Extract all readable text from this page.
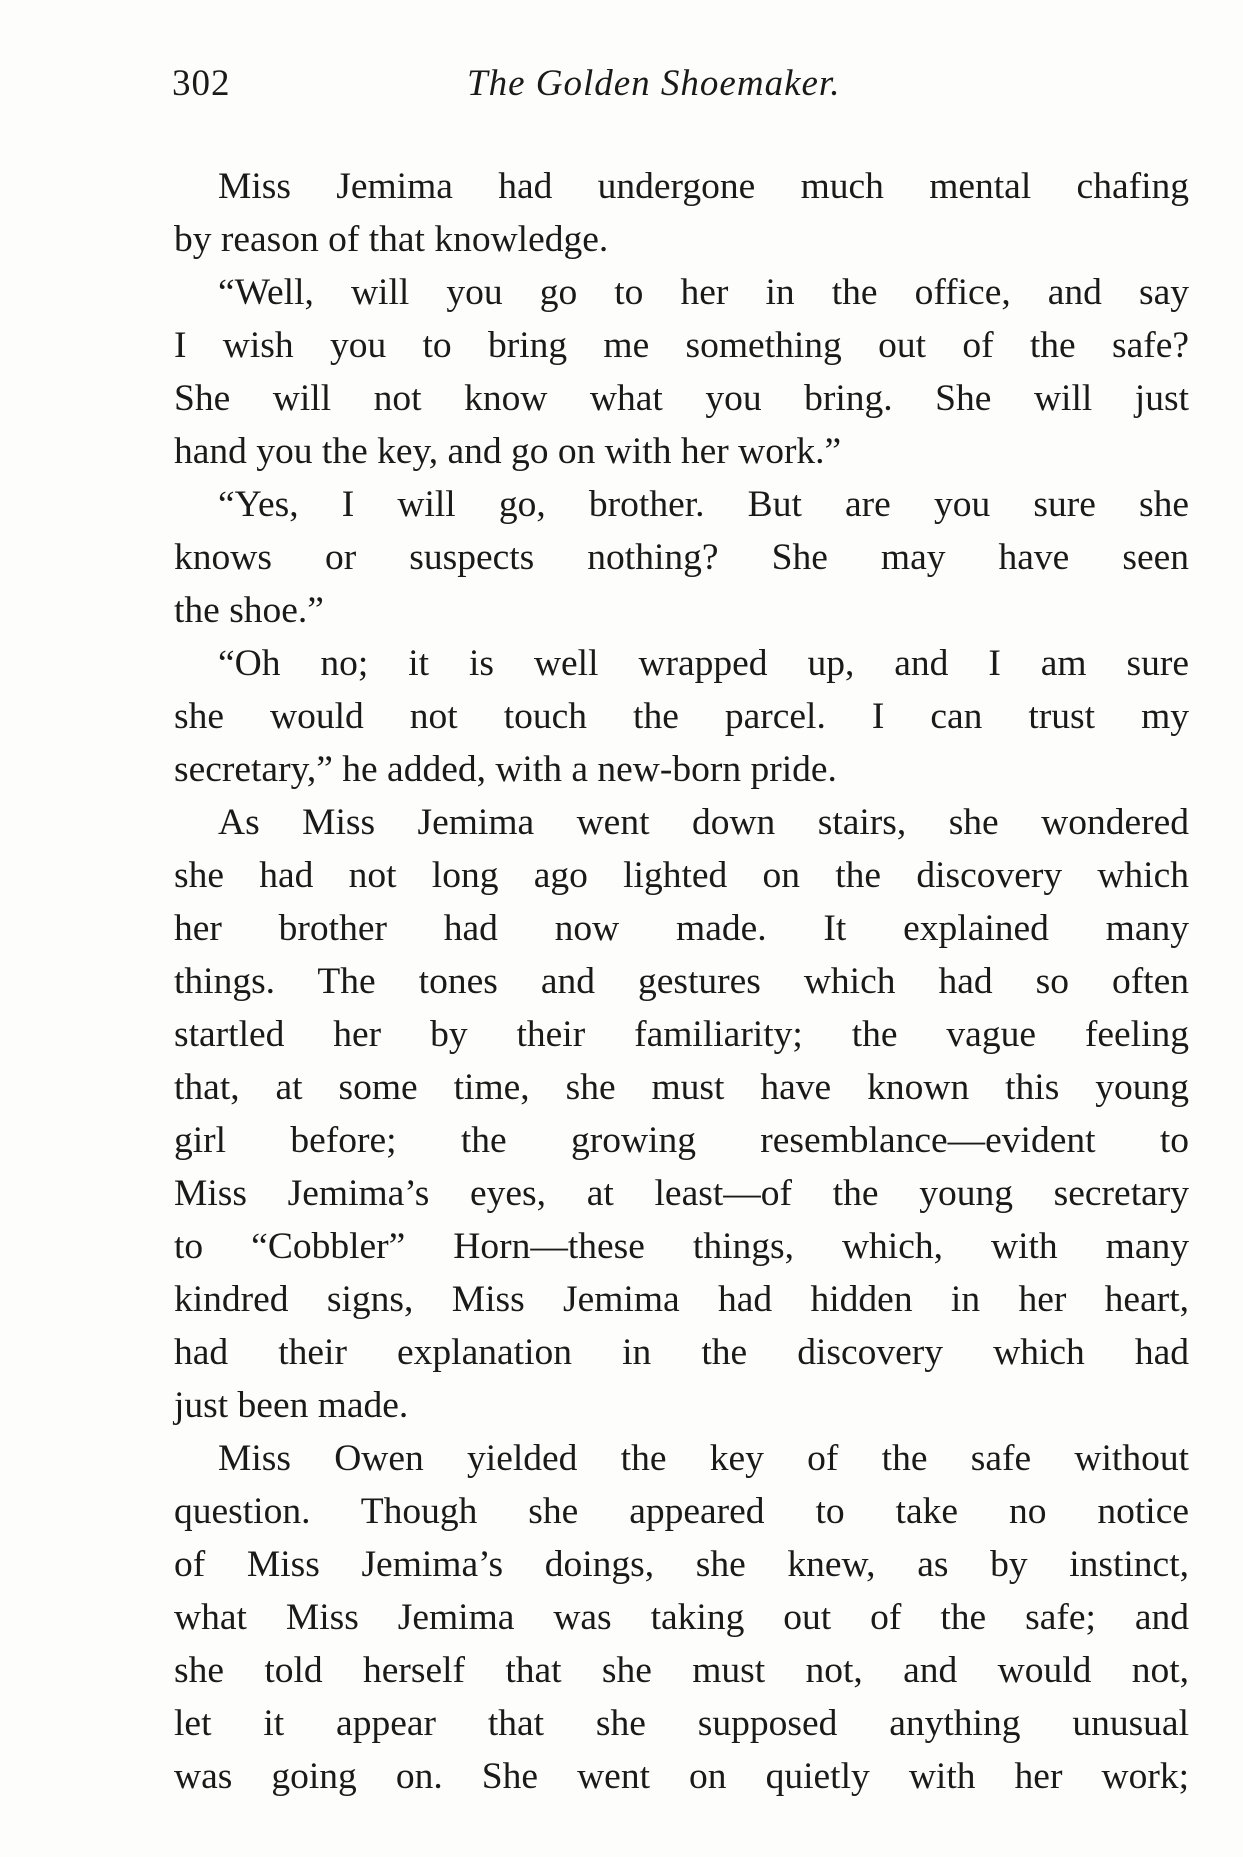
302	The Golden Shoemaker.
Miss Jemima had undergone much mental chafing
by reason of that knowledge.
“Well, will you go to her in the office, and say
I wish you to bring me something out of the safe?
She will not know what you bring. She will just
hand you the key, and go on with her work.”
“Yes, I will go, brother. But are you sure she
knows or suspects nothing? She may have seen
the shoe.”
“Oh no; it is well wrapped up, and I am sure
she would not touch the parcel. I can trust my
secretary,” he added, with a new-born pride.
As Miss Jemima went down stairs, she wondered
she had not long ago lighted on the discovery which
her brother had now made. It explained many
things. The tones and gestures which had so often
startled her by their familiarity; the vague feeling
that, at some time, she must have known this young
girl before; the growing resemblance—evident to
Miss Jemima’s eyes, at least—of the young secretary
to “Cobbler” Horn—these things, which, with many
kindred signs, Miss Jemima had hidden in her heart,
had their explanation in the discovery which had
just been made.
Miss Owen yielded the key of the safe without
question. Though she appeared to take no notice
of Miss Jemima’s doings, she knew, as by instinct,
what Miss Jemima was taking out of the safe; and
she told herself that she must not, and would not,
let it appear that she supposed anything unusual
was going on. She went on quietly with her work;
